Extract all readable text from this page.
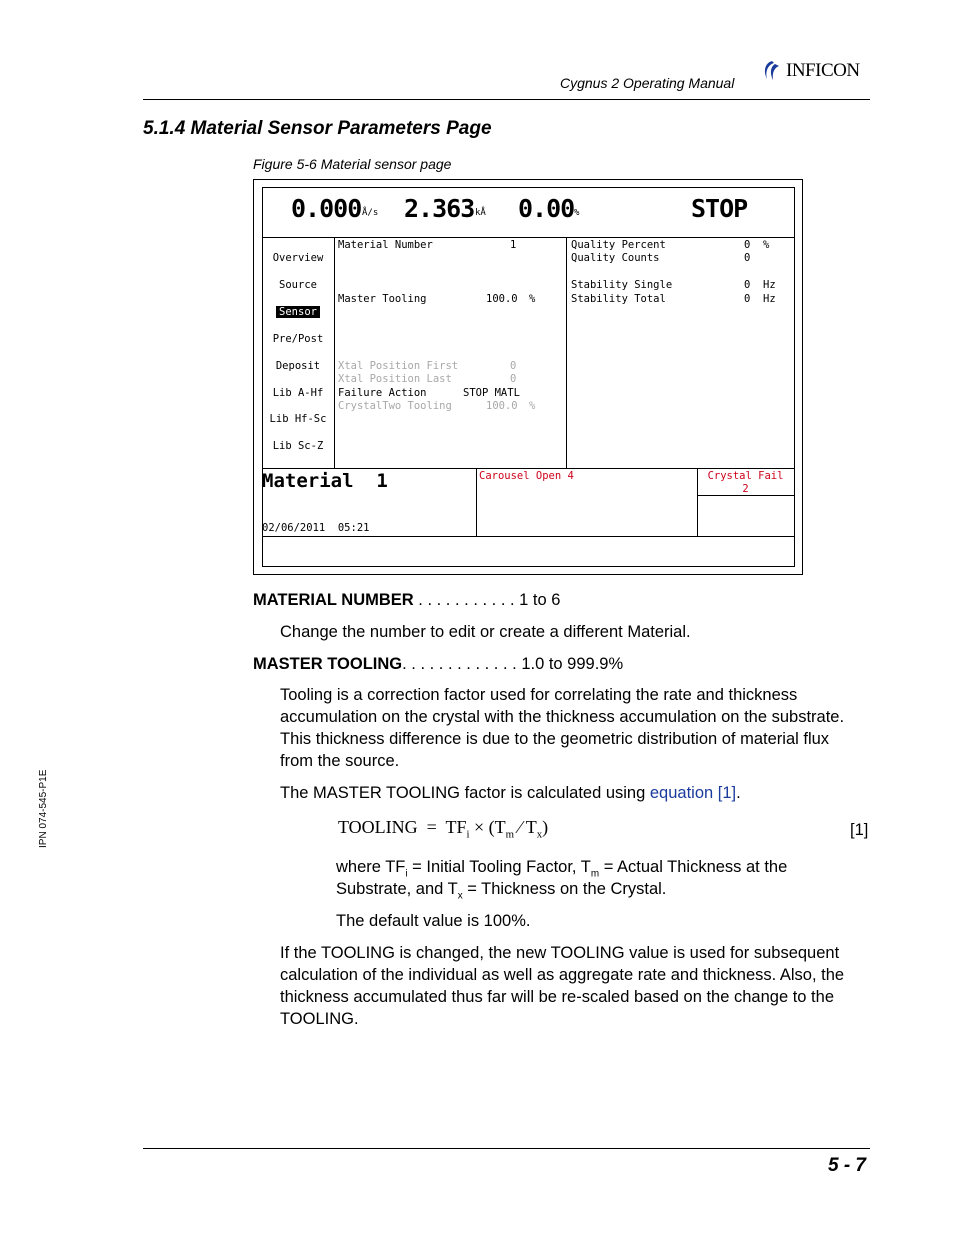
Cygnus 2 Operating Manual
INFICON
5.1.4 Material Sensor Parameters Page
Figure 5-6 Material sensor page
0.000 Å/s 2.363 kÅ 0.00 %	STOP
Overview
Source
Sensor
Pre/Post
Deposit
Lib A-Hf
Lib Hf-Sc
Lib Sc-Z
Material Number	1
Master Tooling	100.0 %
Xtal Position First	0
Xtal Position Last	0
Failure Action	STOP MATL
CrystalTwo Tooling	100.0 %
Quality Percent	0 %
Quality Counts	0
Stability Single	0 Hz
Stability Total	0 Hz
Material  1
02/06/2011  05:21
Carousel Open 4	Crystal Fail
2
MATERIAL NUMBER . . . . . . . . . . . 1 to 6
Change the number to edit or create a different Material.
MASTER TOOLING. . . . . . . . . . . . . 1.0 to 999.9%
Tooling is a correction factor used for correlating the rate and thickness
accumulation on the crystal with the thickness accumulation on the substrate.
This thickness difference is due to the geometric distribution of material flux
from the source.
The MASTER TOOLING factor is calculated using equation [1].
TOOLING  =  $TF_i \times (T_m$ ⁄ $T_x$)	[1]
where $TF_i$ = Initial Tooling Factor, $T_m$ = Actual Thickness at the
Substrate, and $T_x$ = Thickness on the Crystal.
The default value is 100%.
If the TOOLING is changed, the new TOOLING value is used for subsequent
calculation of the individual as well as aggregate rate and thickness. Also, the
thickness accumulated thus far will be re-scaled based on the change to the
TOOLING.
5 - 7
IPN 074-545-P1E
